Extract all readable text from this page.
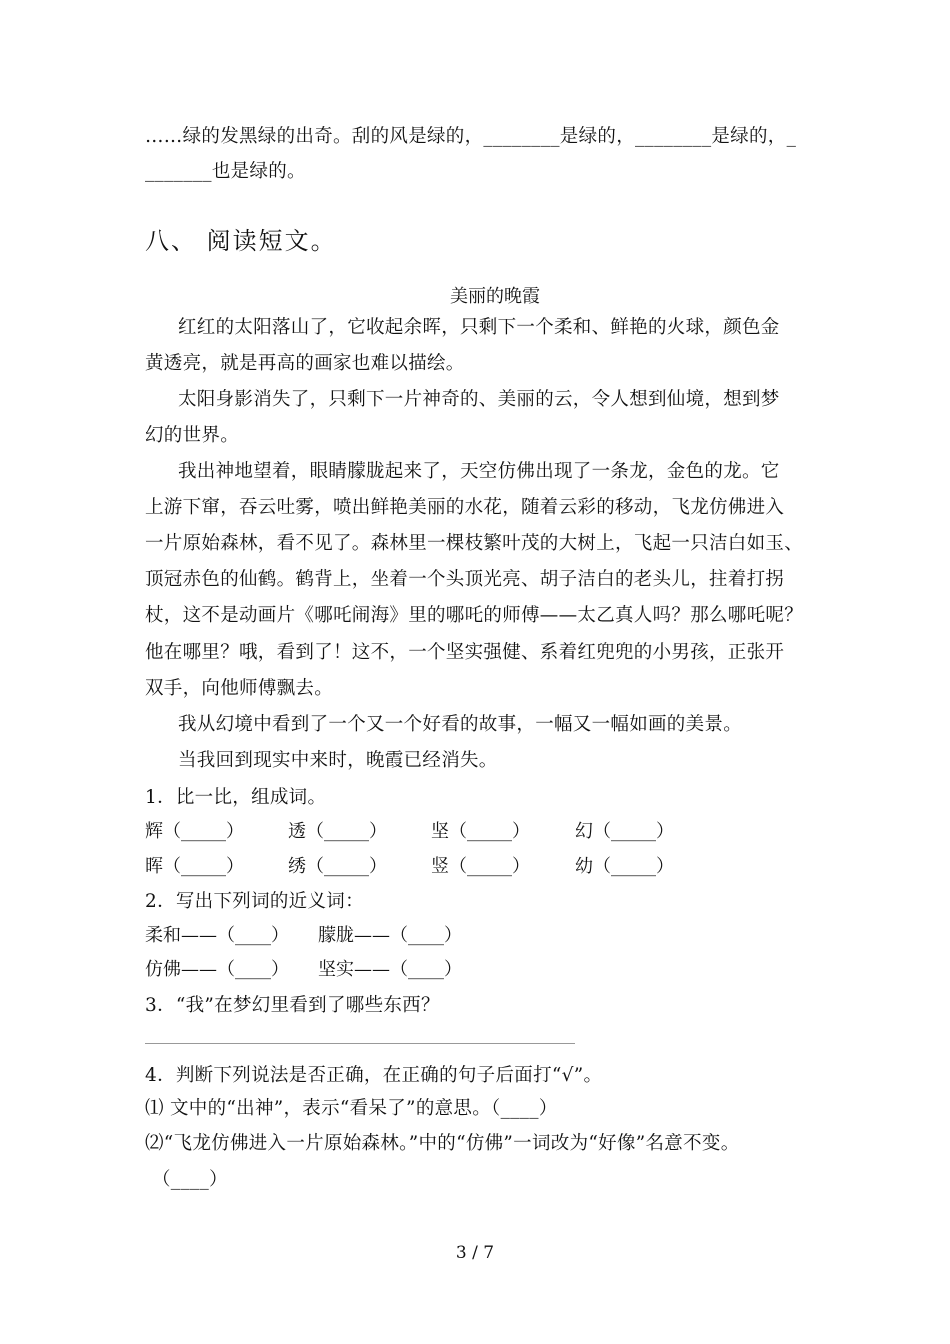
……绿的发黑绿的出奇。刮的风是绿的，________是绿的，________是绿的，_
_______也是绿的。
八、 阅读短文。
美丽的晚霞
红红的太阳落山了，它收起余晖，只剩下一个柔和、鲜艳的火球，颜色金
黄透亮，就是再高的画家也难以描绘。
太阳身影消失了，只剩下一片神奇的、美丽的云，令人想到仙境，想到梦
幻的世界。
我出神地望着，眼睛朦胧起来了，天空仿佛出现了一条龙，金色的龙。它
上游下窜，吞云吐雾，喷出鲜艳美丽的水花，随着云彩的移动，飞龙仿佛进入
一片原始森林，看不见了。森林里一棵枝繁叶茂的大树上，飞起一只洁白如玉、
顶冠赤色的仙鹤。鹤背上，坐着一个头顶光亮、胡子洁白的老头儿，拄着打拐
杖，这不是动画片《哪吒闹海》里的哪吒的师傅——太乙真人吗？那么哪吒呢？
他在哪里？哦，看到了！这不，一个坚实强健、系着红兜兜的小男孩，正张开
双手，向他师傅飘去。
我从幻境中看到了一个又一个好看的故事，一幅又一幅如画的美景。
当我回到现实中来时，晚霞已经消失。
1．比一比，组成词。
辉（_____） 透（_____） 坚（_____）	幻（_____）
晖（_____） 绣（_____） 竖（_____）	幼（_____）
2．写出下列词的近义词：
柔和——（____） 朦胧——（____）
仿佛——（____） 坚实——（____）
3．“我”在梦幻里看到了哪些东西？
4．判断下列说法是否正确，在正确的句子后面打“√”。
⑴ 文中的“出神”，表示“看呆了”的意思。（____）
⑵“飞龙仿佛进入一片原始森林。”中的“仿佛”一词改为“好像”名意不变。
（____）
3 / 7
